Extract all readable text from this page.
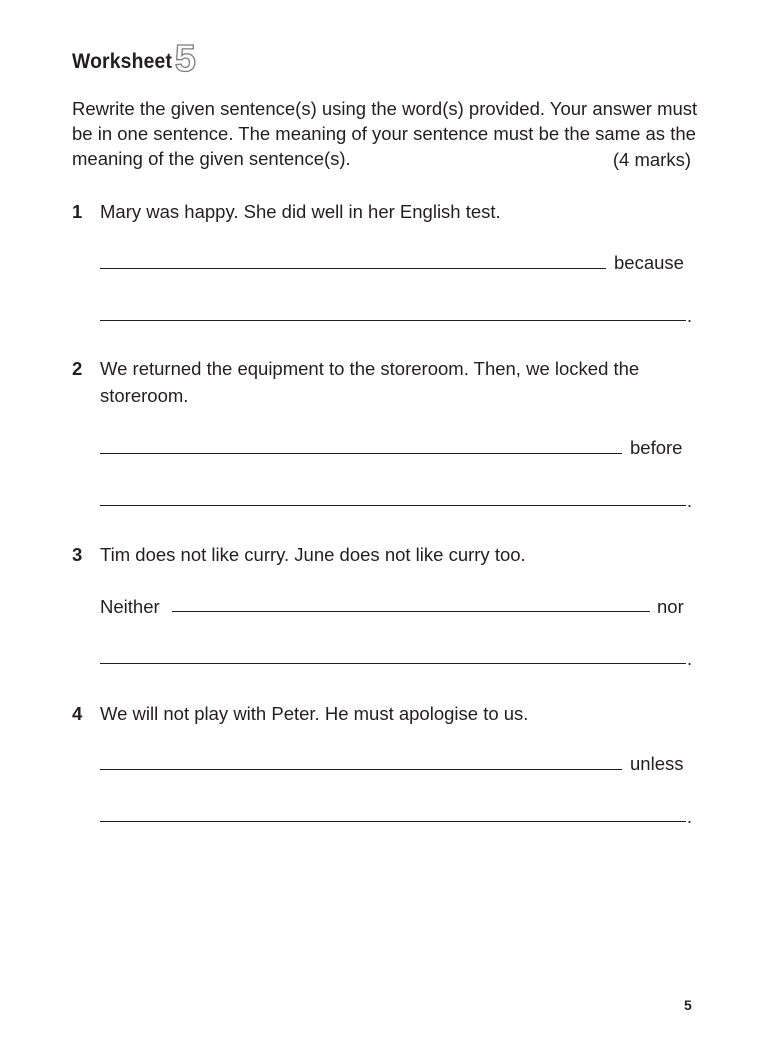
Worksheet 5

Rewrite the given sentence(s) using the word(s) provided. Your answer must be in one sentence. The meaning of your sentence must be the same as the meaning of the given sentence(s).	(4 marks)
1 Mary was happy. She did well in her English test.

because
.
2 We returned the equipment to the storeroom. Then, we locked the storeroom.

before
.
3 Tim does not like curry. June does not like curry too.

Neither	nor
.
4 We will not play with Peter. He must apologise to us.

unless
.
5
